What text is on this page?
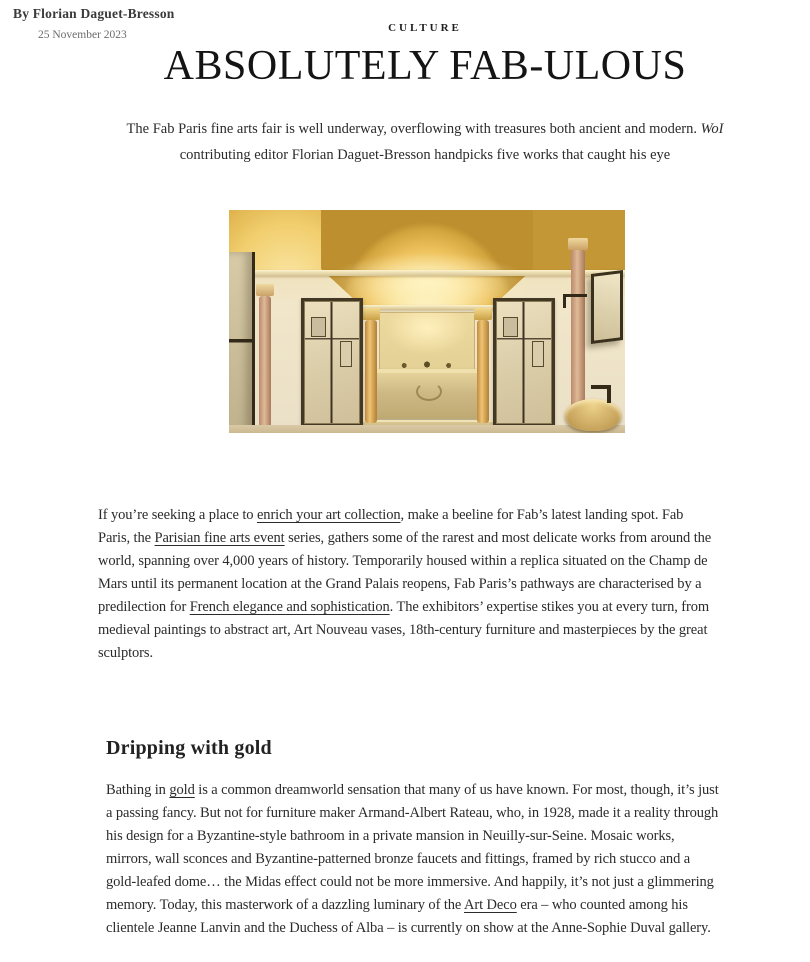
By Florian Daguet-Bresson
25 November 2023
CULTURE
ABSOLUTELY FAB-ULOUS
The Fab Paris fine arts fair is well underway, overflowing with treasures both ancient and modern. WoI contributing editor Florian Daguet-Bresson handpicks five works that caught his eye

If you’re seeking a place to enrich your art collection, make a beeline for Fab’s latest landing spot. Fab Paris, the Parisian fine arts event series, gathers some of the rarest and most delicate works from around the world, spanning over 4,000 years of history. Temporarily housed within a replica situated on the Champ de Mars until its permanent location at the Grand Palais reopens, Fab Paris’s pathways are characterised by a predilection for French elegance and sophistication. The exhibitors’ expertise stikes you at every turn, from medieval paintings to abstract art, Art Nouveau vases, 18th-century furniture and masterpieces by the great sculptors.

Dripping with gold

Bathing in gold is a common dreamworld sensation that many of us have known. For most, though, it’s just a passing fancy. But not for furniture maker Armand-Albert Rateau, who, in 1928, made it a reality through his design for a Byzantine-style bathroom in a private mansion in Neuilly-sur-Seine. Mosaic works, mirrors, wall sconces and Byzantine-patterned bronze faucets and fittings, framed by rich stucco and a gold-leafed dome… the Midas effect could not be more immersive. And happily, it’s not just a glimmering memory. Today, this masterwork of a dazzling luminary of the Art Deco era – who counted among his clientele Jeanne Lanvin and the Duchess of Alba – is currently on show at the Anne-Sophie Duval gallery.
